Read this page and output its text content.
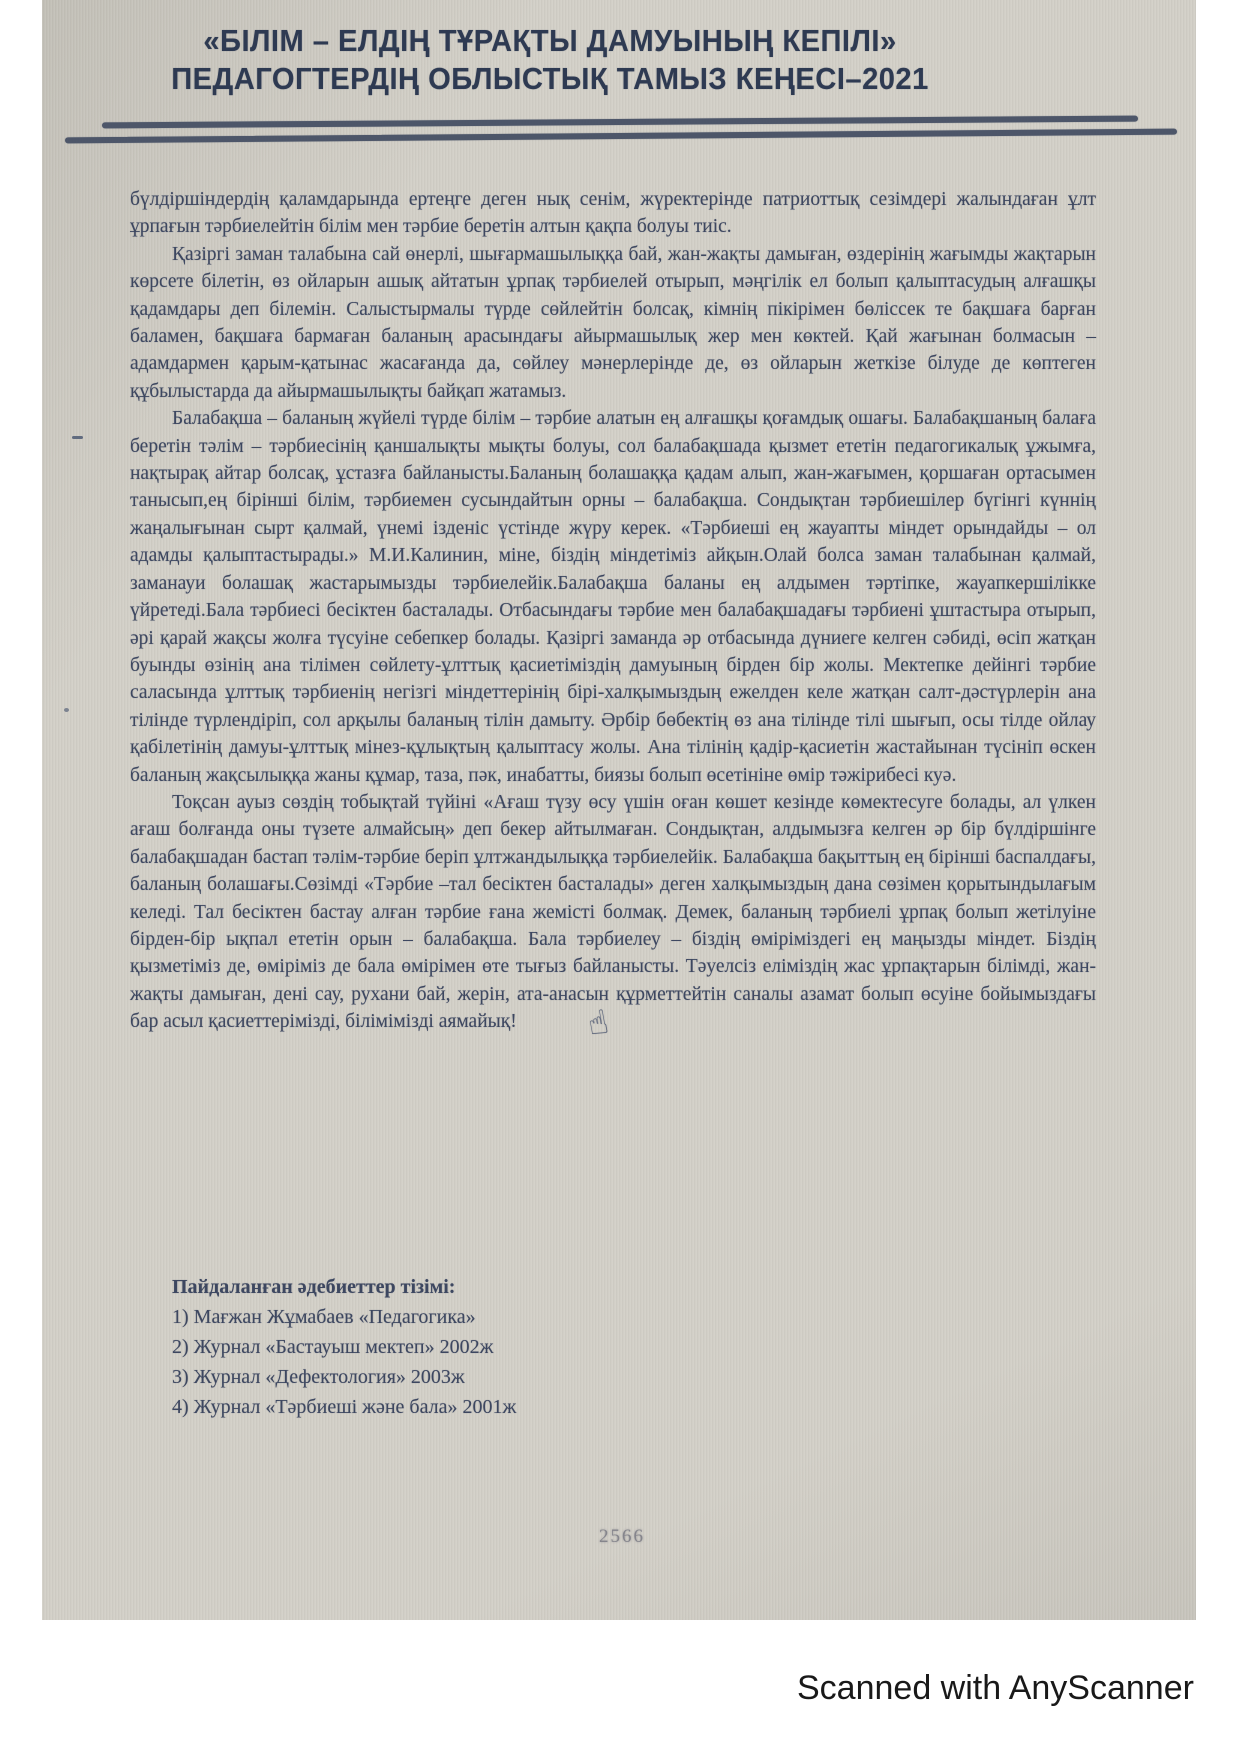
«БІЛІМ – ЕЛДІҢ ТҰРАҚТЫ ДАМУЫНЫҢ КЕПІЛІ»
ПЕДАГОГТЕРДІҢ ОБЛЫСТЫҚ ТАМЫЗ КЕҢЕСІ–2021

бүлдіршіндердің қаламдарында ертеңге деген нық сенім, жүректерінде патриоттық сезімдері жалындаған ұлт ұрпағын тәрбиелейтін білім мен тәрбие беретін алтын қақпа болуы тиіс.

Қазіргі заман талабына сай өнерлі, шығармашылыққа бай, жан-жақты дамыған, өздерінің жағымды жақтарын көрсете білетін, өз ойларын ашық айтатын ұрпақ тәрбиелей отырып, мәңгілік ел болып қалыптасудың алғашқы қадамдары деп білемін. Салыстырмалы түрде сөйлейтін болсақ, кімнің пікірімен бөліссек те бақшаға барған баламен, бақшаға бармаған баланың арасындағы айырмашылық жер мен көктей. Қай жағынан болмасын –адамдармен қарым-қатынас жасағанда да, сөйлеу мәнерлерінде де, өз ойларын жеткізе білуде де көптеген құбылыстарда да айырмашылықты байқап жатамыз.

Балабақша – баланың жүйелі түрде білім – тәрбие алатын ең алғашқы қоғамдық ошағы. Балабақшаның балаға беретін тәлім – тәрбиесінің қаншалықты мықты болуы, сол балабақшада қызмет ететін педагогикалық ұжымға, нақтырақ айтар болсақ, ұстазға байланысты.Баланың болашаққа қадам алып, жан-жағымен, қоршаған ортасымен танысып,ең бірінші білім, тәрбиемен сусындайтын орны – балабақша. Сондықтан тәрбиешілер бүгінгі күннің жаңалығынан сырт қалмай, үнемі ізденіс үстінде жүру керек. «Тәрбиеші ең жауапты міндет орындайды – ол адамды қалыптастырады.» М.И.Калинин, міне, біздің міндетіміз айқын.Олай болса заман талабынан қалмай, заманауи болашақ жастарымызды тәрбиелейік.Балабақша баланы ең алдымен тәртіпке, жауапкершілікке үйретеді.Бала тәрбиесі бесіктен басталады. Отбасындағы тәрбие мен балабақшадағы тәрбиені ұштастыра отырып, әрі қарай жақсы жолға түсуіне себепкер болады. Қазіргі заманда әр отбасында дүниеге келген сәбиді, өсіп жатқан буынды өзінің ана тілімен сөйлету-ұлттық қасиетіміздің дамуының бірден бір жолы. Мектепке дейінгі тәрбие саласында ұлттық тәрбиенің негізгі міндеттерінің бірі-халқымыздың ежелден келе жатқан салт-дәстүрлерін ана тілінде түрлендіріп, сол арқылы баланың тілін дамыту. Әрбір бөбектің өз ана тілінде тілі шығып, осы тілде ойлау қабілетінің дамуы-ұлттық мінез-құлықтың қалыптасу жолы. Ана тілінің қадір-қасиетін жастайынан түсініп өскен баланың жақсылыққа жаны құмар, таза, пәк, инабатты, биязы болып өсетініне өмір тәжірибесі куә.

Тоқсан ауыз сөздің тобықтай түйіні «Ағаш түзу өсу үшін оған көшет кезінде көмектесуге болады, ал үлкен ағаш болғанда оны түзете алмайсың» деп бекер айтылмаған. Сондықтан, алдымызға келген әр бір бүлдіршінге балабақшадан бастап тәлім-тәрбие беріп ұлтжандылыққа тәрбиелейік. Балабақша бақыттың ең бірінші баспалдағы, баланың болашағы.Сөзімді «Тәрбие –тал бесіктен басталады» деген халқымыздың дана сөзімен қорытындылағым келеді. Тал бесіктен бастау алған тәрбие ғана жемісті болмақ. Демек, баланың тәрбиелі ұрпақ болып жетілуіне бірден-бір ықпал ететін орын – балабақша. Бала тәрбиелеу – біздің өміріміздегі ең маңызды міндет. Біздің қызметіміз де, өміріміз де бала өмірімен өте тығыз байланысты. Тәуелсіз еліміздің жас ұрпақтарын білімді, жан-жақты дамыған, дені сау, рухани бай, жерін, ата-анасын құрметтейтін саналы азамат болып өсуіне бойымыздағы бар асыл қасиеттерімізді, білімімізді аямайық!

Пайдаланған әдебиеттер тізімі:
1) Мағжан Жұмабаев «Педагогика»
2) Журнал «Бастауыш мектеп» 2002ж
3) Журнал «Дефектология» 2003ж
4) Журнал «Тәрбиеші және бала» 2001ж
2566
☝
Scanned with AnyScanner
